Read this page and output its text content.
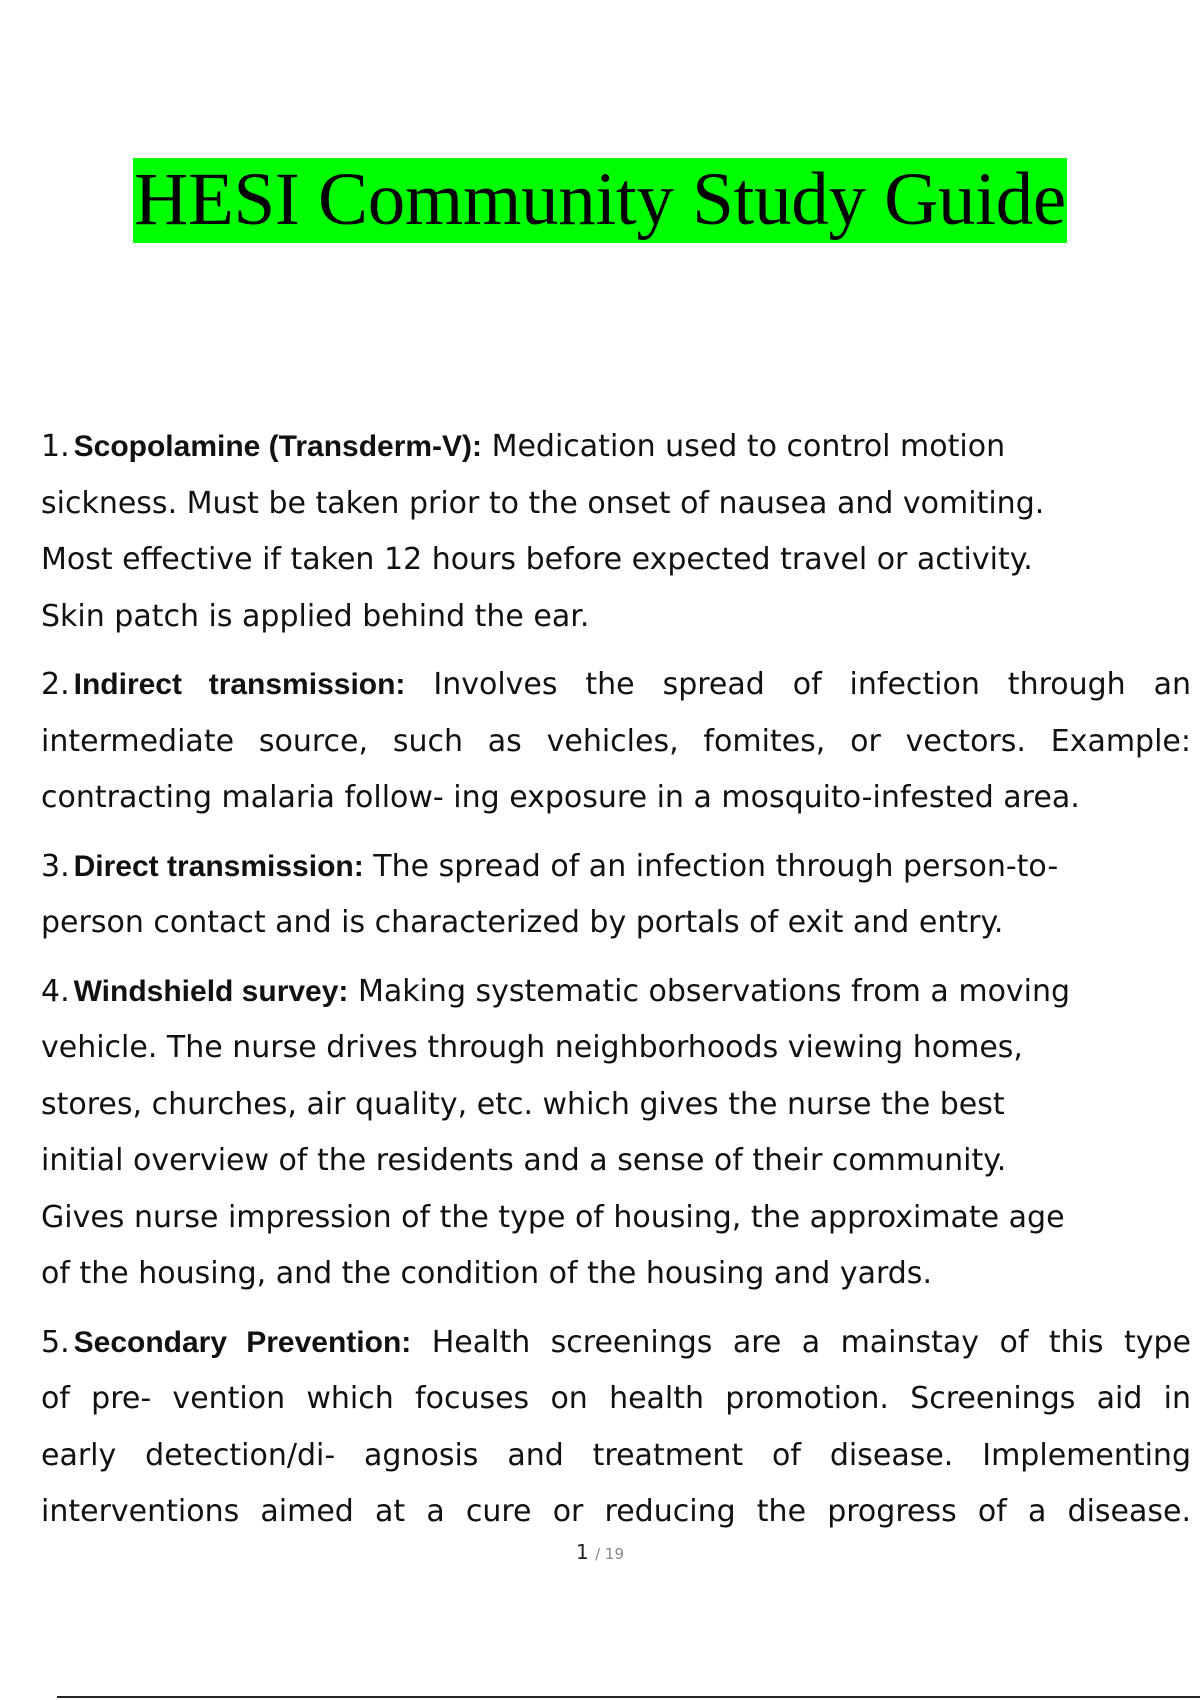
HESI Community Study Guide

1. Scopolamine (Transderm-V): Medication used to control motion

sickness. Must be taken prior to the onset of nausea and vomiting.

Most effective if taken 12 hours before expected travel or activity.

Skin patch is applied behind the ear.

2. Indirect transmission: Involves the spread of infection through an

intermediate source, such as vehicles, fomites, or vectors. Example:

contracting malaria follow- ing exposure in a mosquito-infested area.

3. Direct transmission: The spread of an infection through person-to-

person contact and is characterized by portals of exit and entry.

4. Windshield survey: Making systematic observations from a moving

vehicle. The nurse drives through neighborhoods viewing homes,

stores, churches, air quality, etc. which gives the nurse the best

initial overview of the residents and a sense of their community.

Gives nurse impression of the type of housing, the approximate age

of the housing, and the condition of the housing and yards.

5. Secondary Prevention: Health screenings are a mainstay of this type

of pre- vention which focuses on health promotion. Screenings aid in

early detection/di- agnosis and treatment of disease. Implementing

interventions aimed at a cure or reducing the progress of a disease.

1 / 19
